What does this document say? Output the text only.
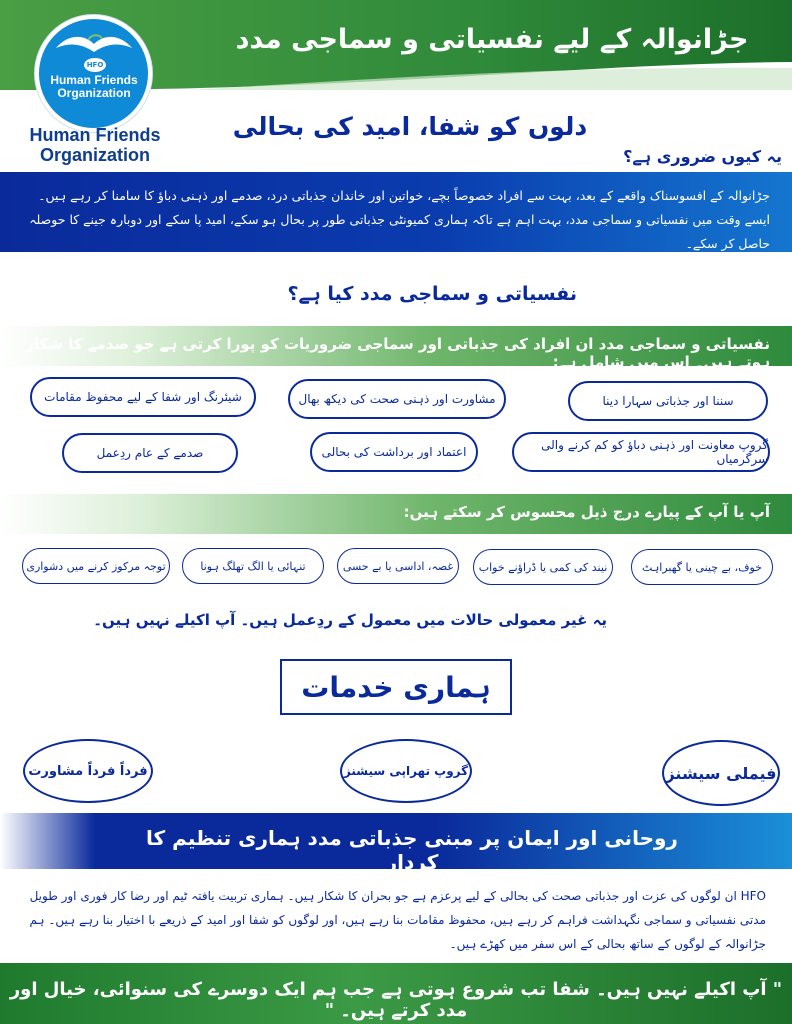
جڑانوالہ کے لیے نفسیاتی و سماجی مدد
HFO
Human Friends Organization
Human Friends Organization
دلوں کو شفا، امید کی بحالی
یہ کیوں ضروری ہے؟
جڑانوالہ کے افسوسناک واقعے کے بعد، بہت سے افراد خصوصاً بچے، خواتین اور خاندان جذباتی درد، صدمے اور ذہنی دباؤ کا سامنا کر رہے ہیں۔ ایسے وقت میں نفسیاتی و سماجی مدد، بہت اہم ہے تاکہ ہماری کمیونٹی جذباتی طور پر بحال ہو سکے، امید پا سکے اور دوبارہ جینے کا حوصلہ حاصل کر سکے۔
نفسیاتی و سماجی مدد کیا ہے؟
نفسیاتی و سماجی مدد ان افراد کی جذباتی اور سماجی ضروریات کو پورا کرتی ہے جو صدمے کا شکار ہوتے ہیں۔ اس میں شامل ہے:
سننا اور جذباتی سہارا دینا
مشاورت اور ذہنی صحت کی دیکھ بھال
شیئرنگ اور شفا کے لیے محفوظ مقامات
گروپ معاونت اور ذہنی دباؤ کو کم کرنے والی سرگرمیاں
اعتماد اور برداشت کی بحالی
صدمے کے عام ردِعمل
آپ یا آپ کے پیارے درج ذیل محسوس کر سکتے ہیں:
خوف، بے چینی یا گھبراہٹ
نیند کی کمی یا ڈراؤنے خواب
غصہ، اداسی یا بے حسی
تنہائی یا الگ تھلگ ہونا
توجہ مرکوز کرنے میں دشواری
یہ غیر معمولی حالات میں معمول کے ردِعمل ہیں۔ آپ اکیلے نہیں ہیں۔
ہماری خدمات
فیملی سیشنز
گروپ تھراپی سیشنز
فرداً فرداً مشاورت
روحانی اور ایمان پر مبنی جذباتی مدد ہماری تنظیم کا کردار
HFO ان لوگوں کی عزت اور جذباتی صحت کی بحالی کے لیے پرعزم ہے جو بحران کا شکار ہیں۔ ہماری تربیت یافتہ ٹیم اور رضا کار فوری اور طویل مدتی نفسیاتی و سماجی نگہداشت فراہم کر رہے ہیں، محفوظ مقامات بنا رہے ہیں، اور لوگوں کو شفا اور امید کے ذریعے با اختیار بنا رہے ہیں۔ ہم جڑانوالہ کے لوگوں کے ساتھ بحالی کے اس سفر میں کھڑے ہیں۔
" آپ اکیلے نہیں ہیں۔ شفا تب شروع ہوتی ہے جب ہم ایک دوسرے کی سنوائی، خیال اور مدد کرتے ہیں۔ "
